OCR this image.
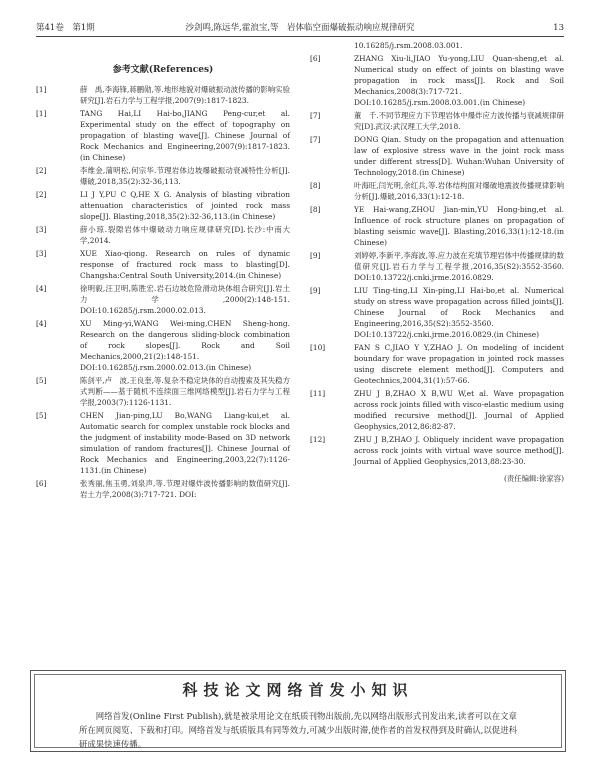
第41卷　第1期	沙剑鸣,陈远华,霍浪宝,等　岩体临空面爆破振动响应规律研究	13
参考文献(References)
[1]	薛　禹,李海锋,蒋鹏勋,等.地形地貌对爆破振动波传播的影响实验研究[J].岩石力学与工程学报,2007(9):1817-1823.
[1]	TANG Hai,LI Hai-bo,JIANG Peng-cur,et al. Experimental study on the effect of topography on propagation of blasting wave[J]. Chinese Journal of Rock Mechanics and Engineering,2007(9):1817-1823.(in Chinese)
[2]	李维金,蒲明松,何宗华.节理岩体边坡爆破振动衰减特性分析[J].爆破,2018,35(2):32-36,113.
[2]	LI J Y,PU C Q,HE X G. Analysis of blasting vibration attenuation characteristics of jointed rock mass slope[J]. Blasting,2018,35(2):32-36,113.(in Chinese)
[3]	薛小琼.裂隙岩体中爆破动力响应规律研究[D].长沙:中南大学,2014.
[3]	XUE Xiao-qiong. Research on rules of dynamic response of fractured rock mass to blasting[D]. Changsha:Central South University,2014.(in Chinese)
[4]	徐明毅,汪卫明,陈胜宏.岩石边坡危险滑动块体组合研究[J].岩土力学,2000(2):148-151. DOI:10.16285/j.rsm.2000.02.013.
[4]	XU Ming-yi,WANG Wei-ming,CHEN Sheng-hong. Research on the dangerous sliding-block combination of rock slopes[J]. Rock and Soil Mechanics,2000,21(2):148-151. DOI:10.16285/j.rsm.2000.02.013.(in Chinese)
[5]	陈剑平,卢　波,王良奎,等.复杂不稳定块体的自动搜索及其失稳方式判断——基于随机不连续面三维网络模型[J].岩石力学与工程学报,2003(7):1126-1131.
[5]	CHEN Jian-ping,LU Bo,WANG Liang-kui,et al. Automatic search for complex unstable rock blocks and the judgment of instability mode-Based on 3D network simulation of random fractures[J]. Chinese Journal of Rock Mechanics and Engineering,2003,22(7):1126-1131.(in Chinese)
[6]	张秀丽,焦玉勇,刘泉声,等.节理对爆炸波传播影响的数值研究[J].岩土力学,2008(3):717-721. DOI:
10.16285/j.rsm.2008.03.001.
[6]	ZHANG Xiu-li,JIAO Yu-yong,LIU Quan-sheng,et al. Numerical study on effect of joints on blasting wave propagation in rock mass[J]. Rock and Soil Mechanics,2008(3):717-721. DOI:10.16285/j.rsm.2008.03.001.(in Chinese)
[7]	董　千.不同节理应力下节理岩体中爆炸应力波传播与衰减规律研究[D].武汉:武汉理工大学,2018.
[7]	DONG Qian. Study on the propagation and attenuation law of explosive stress wave in the joint rock mass under different stress[D]. Wuhan:Wuhan University of Technology,2018.(in Chinese)
[8]	叶海旺,闫光明,余红兵,等.岩体结构面对爆破地震波传播规律影响分析[J].爆破,2016,33(1):12-18.
[8]	YE Hai-wang,ZHOU Jian-min,YU Hong-bing,et al. Influence of rock structure planes on propagation of blasting seismic wave[J]. Blasting,2016,33(1):12-18.(in Chinese)
[9]	刘婷婷,李新平,李海波,等.应力波在充填节理岩体中传播规律的数值研究[J].岩石力学与工程学报,2016,35(S2):3552-3560. DOI:10.13722/j.cnki.jrme.2016.0829.
[9]	LIU Ting-ting,LI Xin-ping,LI Hai-bo,et al. Numerical study on stress wave propagation across filled joints[J]. Chinese Journal of Rock Mechanics and Engineering,2016,35(S2):3552-3560. DOI:10.13722/j.cnki.jrme.2016.0829.(in Chinese)
[10]	FAN S C,JIAO Y Y,ZHAO J. On modeling of incident boundary for wave propagation in jointed rock masses using discrete element method[J]. Computers and Geotechnics,2004,31(1):57-66.
[11]	ZHU J B,ZHAO X B,WU W,et al. Wave propagation across rock joints filled with visco-elastic medium using modified recursive method[J]. Journal of Applied Geophysics,2012,86:82-87.
[12]	ZHU J B,ZHAO J. Obliquely incident wave propagation across rock joints with virtual wave source method[J]. Journal of Applied Geophysics,2013,88:23-30.
(责任编辑:徐家容)
科技论文网络首发小知识
网络首发(Online First Publish),就是被录用论文在纸质刊物出版前,先以网络出版形式刊发出来,读者可以在文章所在网页阅览、下载和打印。网络首发与纸质版具有同等效力,可减少出版时滞,使作者的首发权得到及时确认,以促进科研成果快速传播。
